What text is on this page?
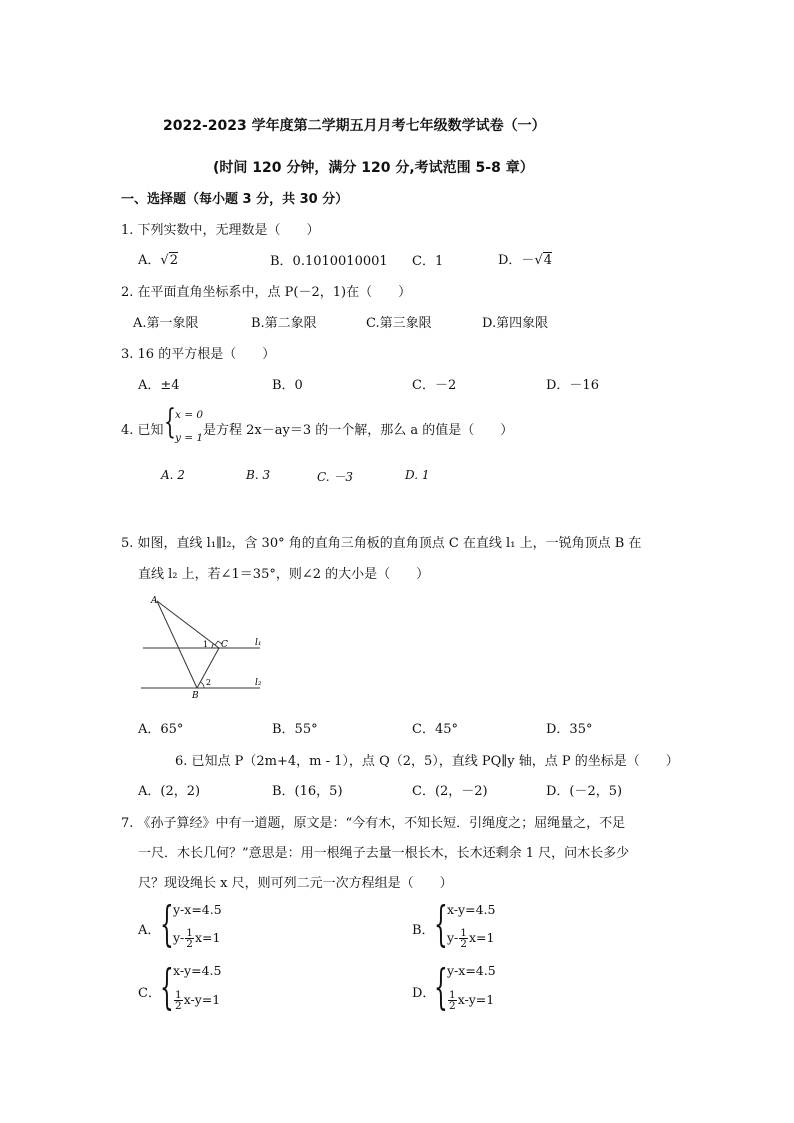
2022-2023 学年度第二学期五月月考七年级数学试卷（一）
(时间 120 分钟，满分 120 分,考试范围 5-8 章）
一、选择题（每小题 3 分，共 30 分）
1. 下列实数中，无理数是（　　）
A．√2	B．0.1010010001 C．1	D．－√4
2. 在平面直角坐标系中，点 P(－2，1)在（　　）
A.第一象限	B.第二象限	C.第三象限	D.第四象限
3. 16 的平方根是（　　）
A．±4	B．0	C．－2	D．－16
4. 已知 { x = 0
y = 1 是方程 2x－ay＝3 的一个解，那么 a 的值是（　　）
A. 2	B. 3	C. －3	D. 1
5. 如图，直线 l₁∥l₂，含 30° 角的直角三角板的直角顶点 C 在直线 l₁ 上，一锐角顶点 B 在
直线 l₂ 上，若∠1＝35°，则∠2 的大小是（　　）
A
C
B
1
2
l₁
l₂
A．65°	B．55°	C．45°	D．35°
6. 已知点 P（2m+4，m - 1），点 Q（2，5），直线 PQ∥y 轴，点 P 的坐标是（　　）
A．(2，2)	B．(16，5)	C．(2，－2)	D．(－2，5)
7. 《孙子算经》中有一道题，原文是：“今有木，不知长短．引绳度之；屈绳量之，不足
一尺．木长几何？”意思是：用一根绳子去量一根长木，长木还剩余 1 尺，问木长多少
尺？现设绳长 x 尺，则可列二元一次方程组是（　　）
A． { y-x=4.5
$y- \frac{1}{2} x=1$	B． { x-y=4.5
$y- \frac{1}{2} x=1$
C． { x-y=4.5
$\frac{1}{2} x-y=1$	D．
{ y-x=4.5
$\frac{1}{2} x-y=1$
